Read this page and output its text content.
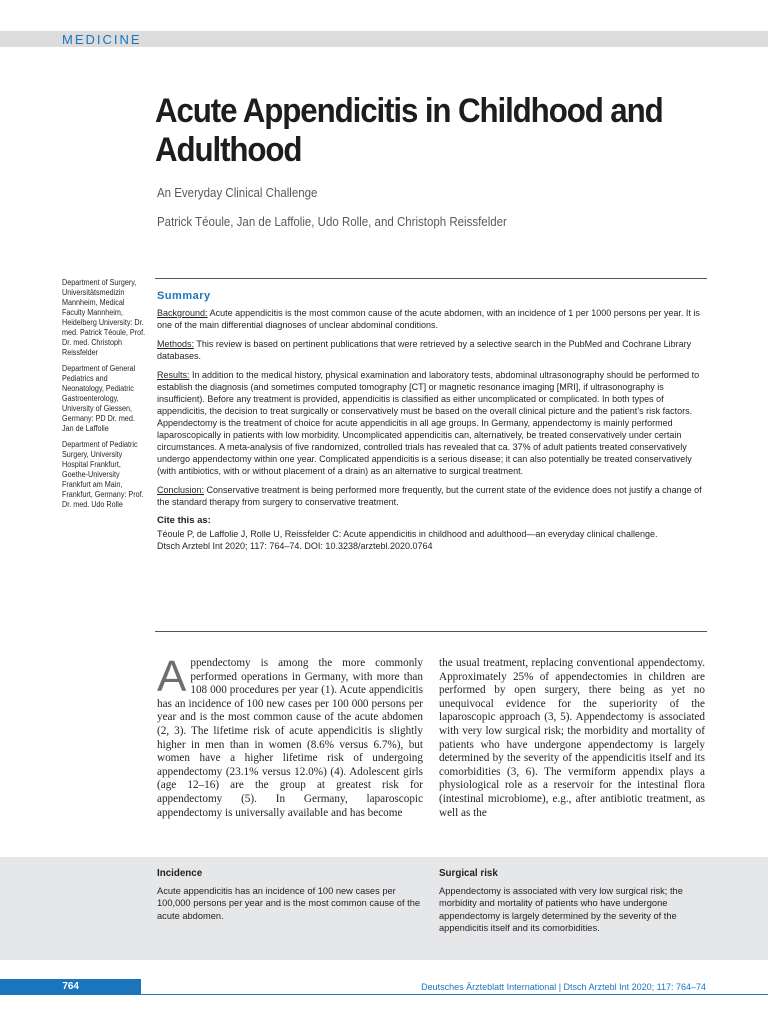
MEDICINE
Acute Appendicitis in Childhood and Adulthood
An Everyday Clinical Challenge
Patrick Téoule, Jan de Laffolie, Udo Rolle, and Christoph Reissfelder

Department of Surgery, Universitätsmedizin Mannheim, Medical Faculty Mannheim, Heidelberg University: Dr. med. Patrick Téoule, Prof. Dr. med. Christoph Reissfelder

Department of General Pediatrics and Neonatology, Pediatric Gastroenterology, University of Giessen, Germany: PD Dr. med. Jan de Laffolie

Department of Pediatric Surgery, University Hospital Frankfurt, Goethe-University Frankfurt am Main, Frankfurt, Germany: Prof. Dr. med. Udo Rolle

Summary

Background: Acute appendicitis is the most common cause of the acute abdomen, with an incidence of 1 per 1000 persons per year. It is one of the main differential diagnoses of unclear abdominal conditions.

Methods: This review is based on pertinent publications that were retrieved by a selective search in the PubMed and Cochrane Library databases.

Results: In addition to the medical history, physical examination and laboratory tests, abdominal ultrasonography should be performed to establish the diagnosis (and sometimes computed tomography [CT] or magnetic resonance imaging [MRI], if ultrasonography is insufficient). Before any treatment is provided, appendicitis is classified as either uncomplicated or complicated. In both types of appendicitis, the decision to treat surgically or conservatively must be based on the overall clinical picture and the patient’s risk factors. Appendectomy is the treatment of choice for acute appendicitis in all age groups. In Germany, appendectomy is mainly performed laparoscopically in patients with low morbidity. Uncomplicated appendicitis can, alternatively, be treated conservatively under certain circumstances. A meta-analysis of five randomized, controlled trials has revealed that ca. 37% of adult patients treated conservatively undergo appendectomy within one year. Complicated appendicitis is a serious disease; it can also potentially be treated conservatively (with antibiotics, with or without placement of a drain) as an alternative to surgical treatment.

Conclusion: Conservative treatment is being performed more frequently, but the current state of the evidence does not justify a change of the standard therapy from surgery to conservative treatment.

Cite this as:

Téoule P, de Laffolie J, Rolle U, Reissfelder C: Acute appendicitis in childhood and adulthood—an everyday clinical challenge.

Dtsch Arztebl Int 2020; 117: 764–74. DOI: 10.3238/arztebl.2020.0764

Appendectomy is among the more commonly performed operations in Germany, with more than 108 000 procedures per year (1). Acute appendicitis has an incidence of 100 new cases per 100 000 persons per year and is the most common cause of the acute abdomen (2, 3). The lifetime risk of acute appendicitis is slightly higher in men than in women (8.6% versus 6.7%), but women have a higher lifetime risk of undergoing appendectomy (23.1% versus 12.0%) (4). Adolescent girls (age 12–16) are the group at greatest risk for appendectomy (5). In Germany, laparoscopic appendectomy is universally available and has become
the usual treatment, replacing conventional appendectomy. Approximately 25% of appendectomies in children are performed by open surgery, there being as yet no unequivocal evidence for the superiority of the laparoscopic approach (3, 5). Appendectomy is associated with very low surgical risk; the morbidity and mortality of patients who have undergone appendectomy is largely determined by the severity of the appendicitis itself and its comorbidities (3, 6). The vermiform appendix plays a physiological role as a reservoir for the intestinal flora (intestinal microbiome), e.g., after antibiotic treatment, as well as the
Incidence

Acute appendicitis has an incidence of 100 new cases per 100,000 persons per year and is the most common cause of the acute abdomen.

Surgical risk

Appendectomy is associated with very low surgical risk; the morbidity and mortality of patients who have undergone appendectomy is largely determined by the severity of the appendicitis itself and its comorbidities.

764	Deutsches Ärzteblatt International | Dtsch Arztebl Int 2020; 117: 764–74
